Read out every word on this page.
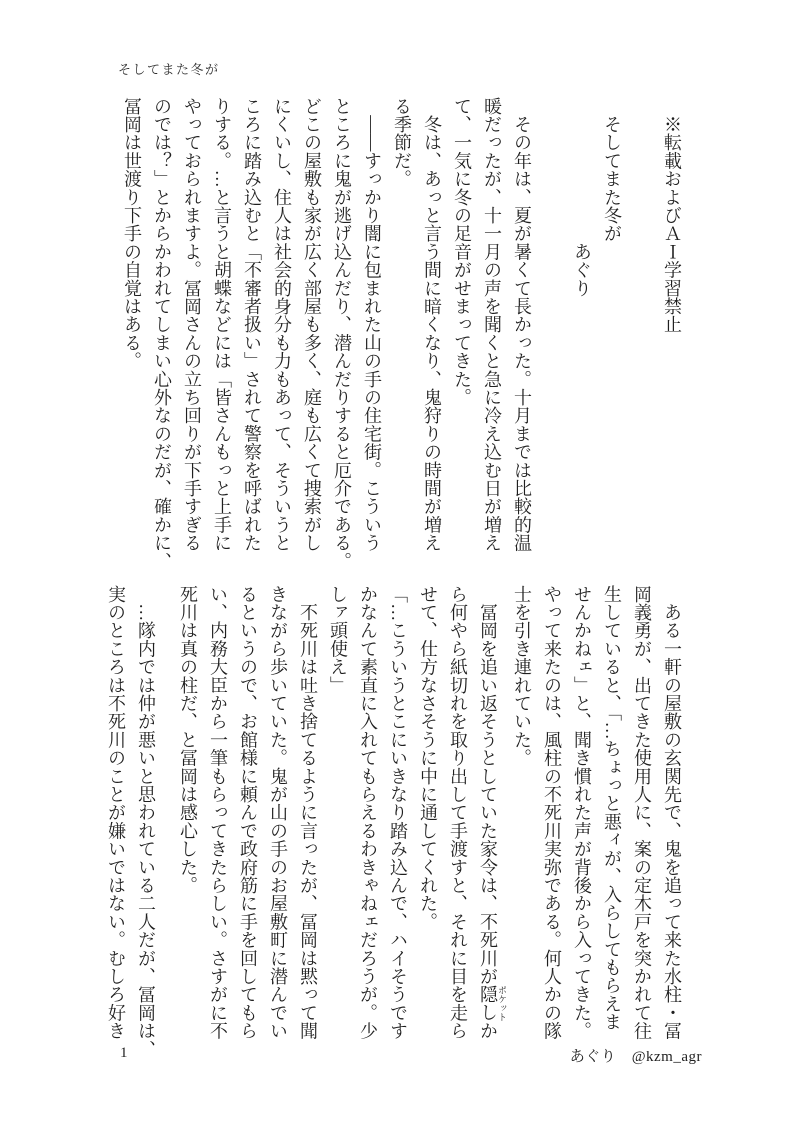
そしてまた冬が

　※転載およびＡＩ学習禁止

　そしてまた冬が

　　　　　　　　あぐり

　その年は、夏が暑くて長かった。十月までは比較的温

暖だったが、十一月の声を聞くと急に冷え込む日が増え

て、一気に冬の足音がせまってきた。

　冬は、あっと言う間に暗くなり、鬼狩りの時間が増え

る季節だ。

　――すっかり闇に包まれた山の手の住宅街。こういう

ところに鬼が逃げ込んだり、潜んだりすると厄介である。

どこの屋敷も家が広く部屋も多く、庭も広くて捜索がし

にくいし、住人は社会的身分も力もあって、そういうと

ころに踏み込むと「不審者扱い」されて警察を呼ばれた

りする。…と言うと胡蝶などには「皆さんもっと上手に

やっておられますよ。冨岡さんの立ち回りが下手すぎる

のでは？」とからかわれてしまい心外なのだが、確かに、

冨岡は世渡り下手の自覚はある。

　ある一軒の屋敷の玄関先で、鬼を追って来た水柱・冨

岡義勇が、出てきた使用人に、案の定木戸を突かれて往

生していると、「…ちょっと悪ィが、入らしてもらえま

せんかねェ」と、聞き慣れた声が背後から入ってきた。

やって来たのは、風柱の不死川実弥である。何人かの隊

士を引き連れていた。

　冨岡を追い返そうとしていた家令は、不死川が隠し ポケットか

ら何やら紙切れを取り出して手渡すと、それに目を走ら

せて、仕方なさそうに中に通してくれた。

「…こういうとこにいきなり踏み込んで、ハイそうです

かなんて素直に入れてもらえるわきゃねェだろうが。少

しァ頭使え」

　不死川は吐き捨てるように言ったが、冨岡は黙って聞

きながら歩いていた。鬼が山の手のお屋敷町に潜んでい

るというので、お館様に頼んで政府筋に手を回してもら

い、内務大臣から一筆もらってきたらしい。さすがに不

死川は真の柱だ、と冨岡は感心した。

　…隊内では仲が悪いと思われている二人だが、冨岡は、

実のところは不死川のことが嫌いではない。むしろ好き

あぐり　@kzm_agr
1
